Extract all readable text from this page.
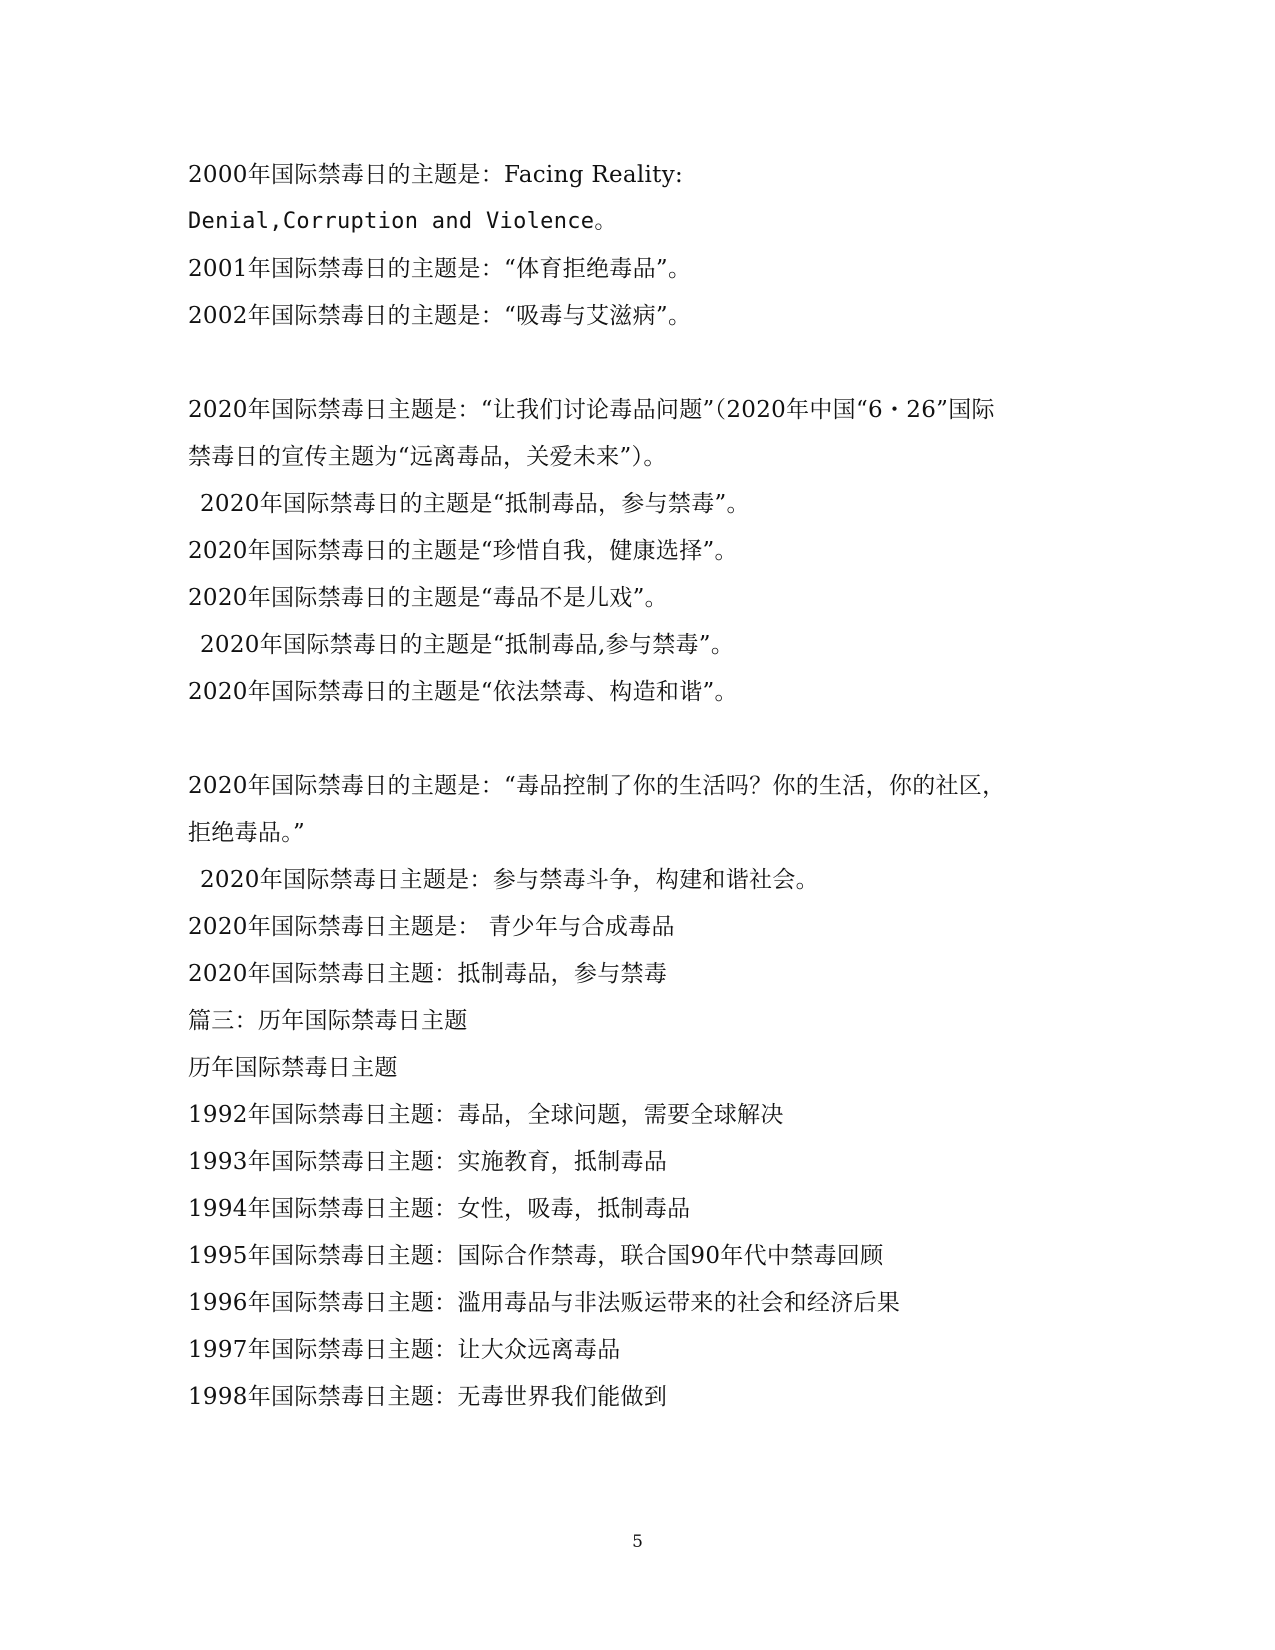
2000年国际禁毒日的主题是：Facing Reality:
Denial,Corruption and Violence。
2001年国际禁毒日的主题是：“体育拒绝毒品”。
2002年国际禁毒日的主题是：“吸毒与艾滋病”。
2020年国际禁毒日主题是：“让我们讨论毒品问题”（2020年中国“6・26”国际
禁毒日的宣传主题为“远离毒品，关爱未来”）。
2020年国际禁毒日的主题是“抵制毒品，参与禁毒”。
2020年国际禁毒日的主题是“珍惜自我，健康选择”。
2020年国际禁毒日的主题是“毒品不是儿戏”。
2020年国际禁毒日的主题是“抵制毒品,参与禁毒”。
2020年国际禁毒日的主题是“依法禁毒、构造和谐”。
2020年国际禁毒日的主题是：“毒品控制了你的生活吗？你的生活，你的社区，
拒绝毒品。”
2020年国际禁毒日主题是：参与禁毒斗争，构建和谐社会。
2020年国际禁毒日主题是： 青少年与合成毒品
2020年国际禁毒日主题：抵制毒品，参与禁毒
篇三：历年国际禁毒日主题
历年国际禁毒日主题
1992年国际禁毒日主题：毒品，全球问题，需要全球解决
1993年国际禁毒日主题：实施教育，抵制毒品
1994年国际禁毒日主题：女性，吸毒，抵制毒品
1995年国际禁毒日主题：国际合作禁毒，联合国90年代中禁毒回顾
1996年国际禁毒日主题：滥用毒品与非法贩运带来的社会和经济后果
1997年国际禁毒日主题：让大众远离毒品
1998年国际禁毒日主题：无毒世界我们能做到
5
